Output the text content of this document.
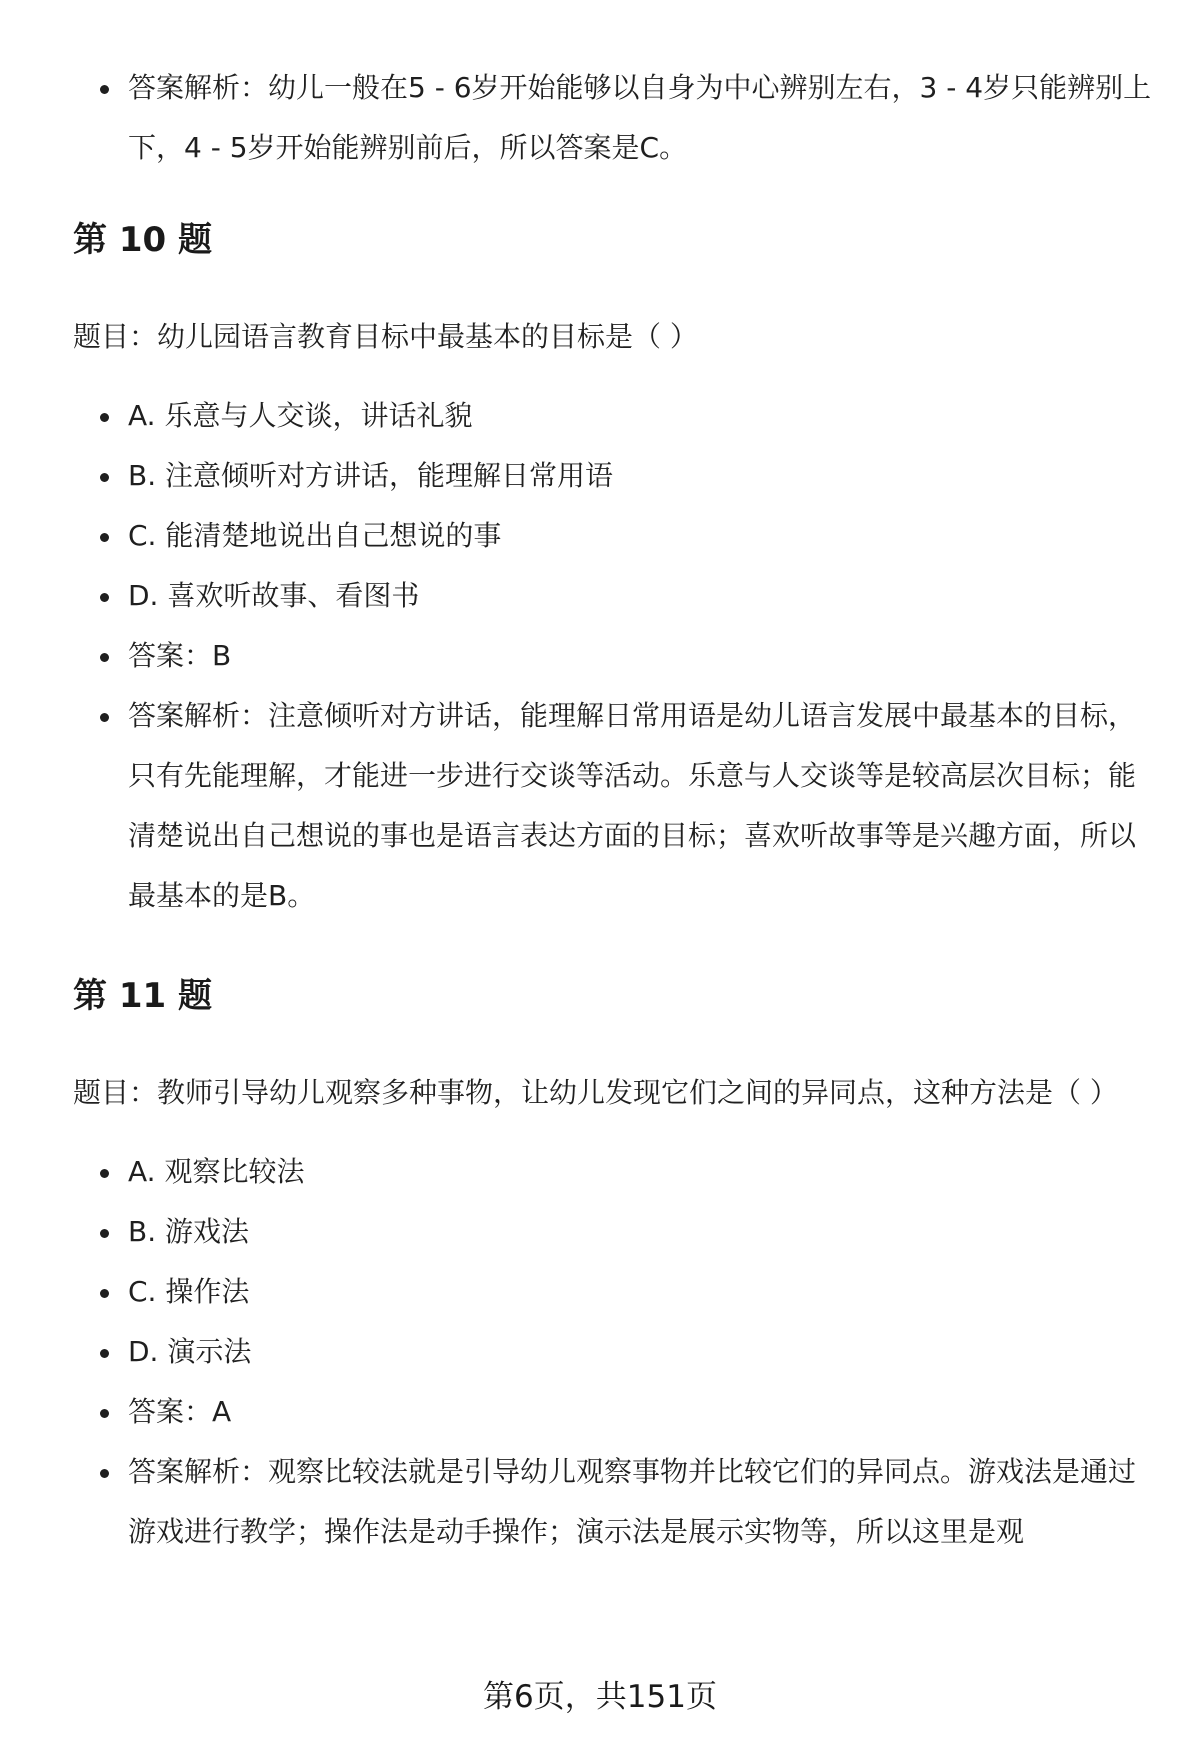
答案解析：幼儿一般在5 - 6岁开始能够以自身为中心辨别左右，3 - 4岁只能辨别上下，4 - 5岁开始能辨别前后，所以答案是C。
第 10 题

题目：幼儿园语言教育目标中最基本的目标是（ ）

A. 乐意与人交谈，讲话礼貌
B. 注意倾听对方讲话，能理解日常用语
C. 能清楚地说出自己想说的事
D. 喜欢听故事、看图书
答案：B
答案解析：注意倾听对方讲话，能理解日常用语是幼儿语言发展中最基本的目标，只有先能理解，才能进一步进行交谈等活动。乐意与人交谈等是较高层次目标；能清楚说出自己想说的事也是语言表达方面的目标；喜欢听故事等是兴趣方面，所以最基本的是B。
第 11 题

题目：教师引导幼儿观察多种事物，让幼儿发现它们之间的异同点，这种方法是（ ）

A. 观察比较法
B. 游戏法
C. 操作法
D. 演示法
答案：A
答案解析：观察比较法就是引导幼儿观察事物并比较它们的异同点。游戏法是通过游戏进行教学；操作法是动手操作；演示法是展示实物等，所以这里是观
第6页，共151页
